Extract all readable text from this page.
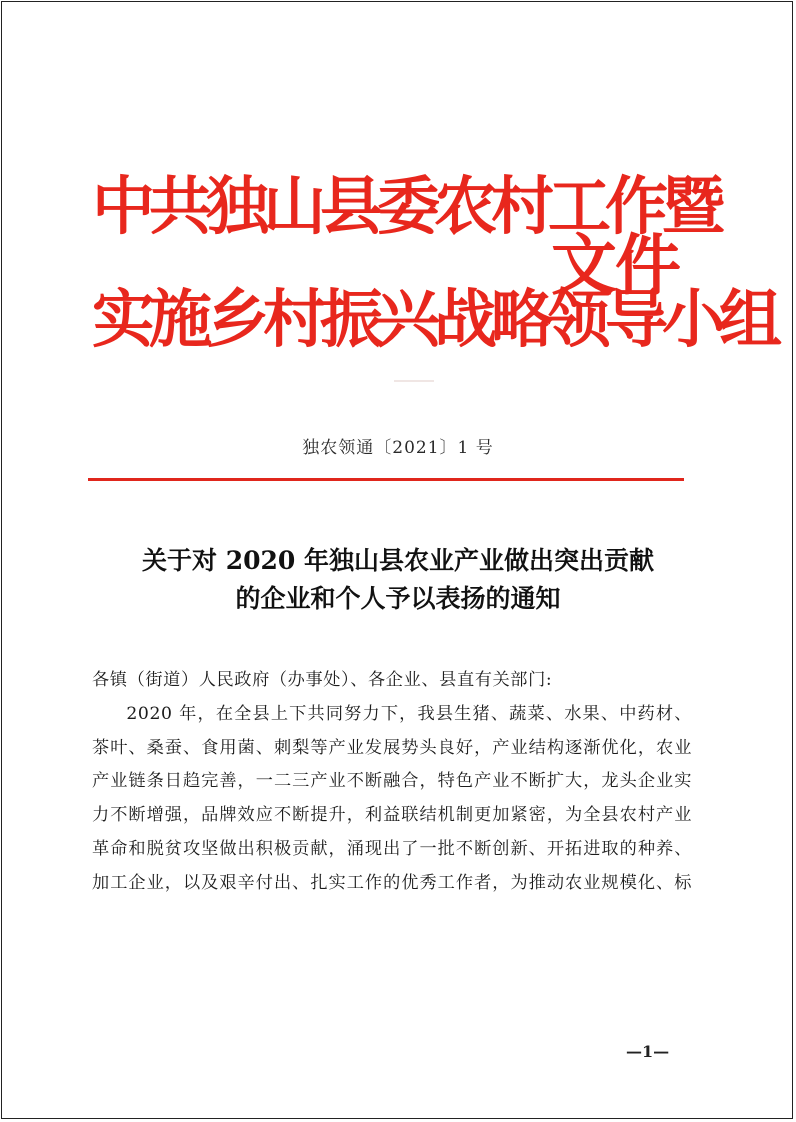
中共独山县委农村工作暨
实施乡村振兴战略领导小组
文件
独农领通〔2021〕1 号
关于对 2020 年独山县农业产业做出突出贡献
的企业和个人予以表扬的通知

各镇（街道）人民政府（办事处）、各企业、县直有关部门:

2020 年，在全县上下共同努力下，我县生猪、蔬菜、水果、中药材、茶叶、桑蚕、食用菌、刺梨等产业发展势头良好，产业结构逐渐优化，农业产业链条日趋完善，一二三产业不断融合，特色产业不断扩大，龙头企业实力不断增强，品牌效应不断提升，利益联结机制更加紧密，为全县农村产业革命和脱贫攻坚做出积极贡献，涌现出了一批不断创新、开拓进取的种养、加工企业，以及艰辛付出、扎实工作的优秀工作者，为推动农业规模化、标

—1—
